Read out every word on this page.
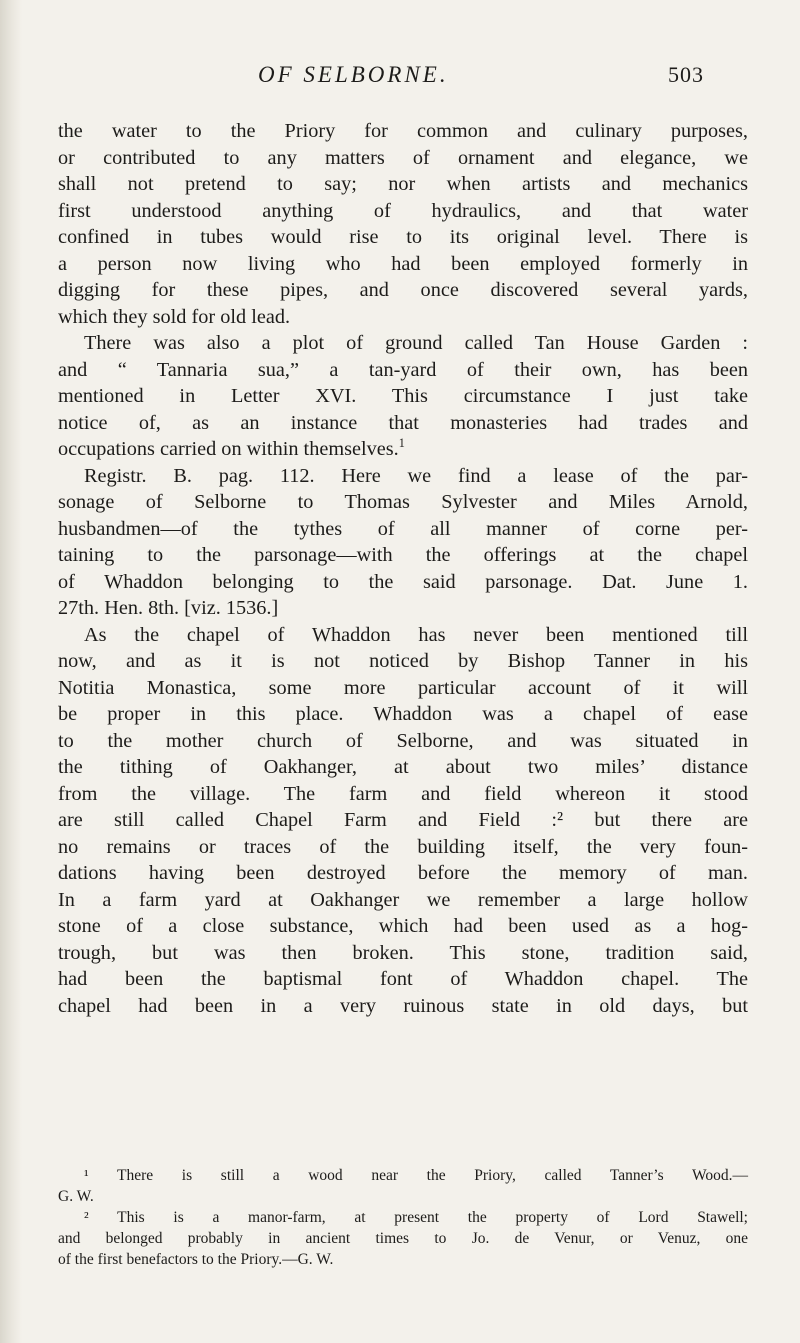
OF SELBORNE.	503
the water to the Priory for common and culinary purposes,
or contributed to any matters of ornament and elegance, we
shall not pretend to say; nor when artists and mechanics
first understood anything of hydraulics, and that water
confined in tubes would rise to its original level. There is
a person now living who had been employed formerly in
digging for these pipes, and once discovered several yards,
which they sold for old lead.
There was also a plot of ground called Tan House Garden :
and “ Tannaria sua,” a tan-yard of their own, has been
mentioned in Letter XVI. This circumstance I just take
notice of, as an instance that monasteries had trades and
occupations carried on within themselves.$^1$
Registr. B. pag. 112. Here we find a lease of the par-
sonage of Selborne to Thomas Sylvester and Miles Arnold,
husbandmen—of the tythes of all manner of corne per-
taining to the parsonage—with the offerings at the chapel
of Whaddon belonging to the said parsonage. Dat. June 1.
27th. Hen. 8th. [viz. 1536.]
As the chapel of Whaddon has never been mentioned till
now, and as it is not noticed by Bishop Tanner in his
Notitia Monastica, some more particular account of it will
be proper in this place. Whaddon was a chapel of ease
to the mother church of Selborne, and was situated in
the tithing of Oakhanger, at about two miles’ distance
from the village. The farm and field whereon it stood
are still called Chapel Farm and Field :² but there are
no remains or traces of the building itself, the very foun-
dations having been destroyed before the memory of man.
In a farm yard at Oakhanger we remember a large hollow
stone of a close substance, which had been used as a hog-
trough, but was then broken. This stone, tradition said,
had been the baptismal font of Whaddon chapel. The
chapel had been in a very ruinous state in old days, but
¹ There is still a wood near the Priory, called Tanner’s Wood.—
G. W.
² This is a manor-farm, at present the property of Lord Stawell;
and belonged probably in ancient times to Jo. de Venur, or Venuz, one
of the first benefactors to the Priory.—G. W.
